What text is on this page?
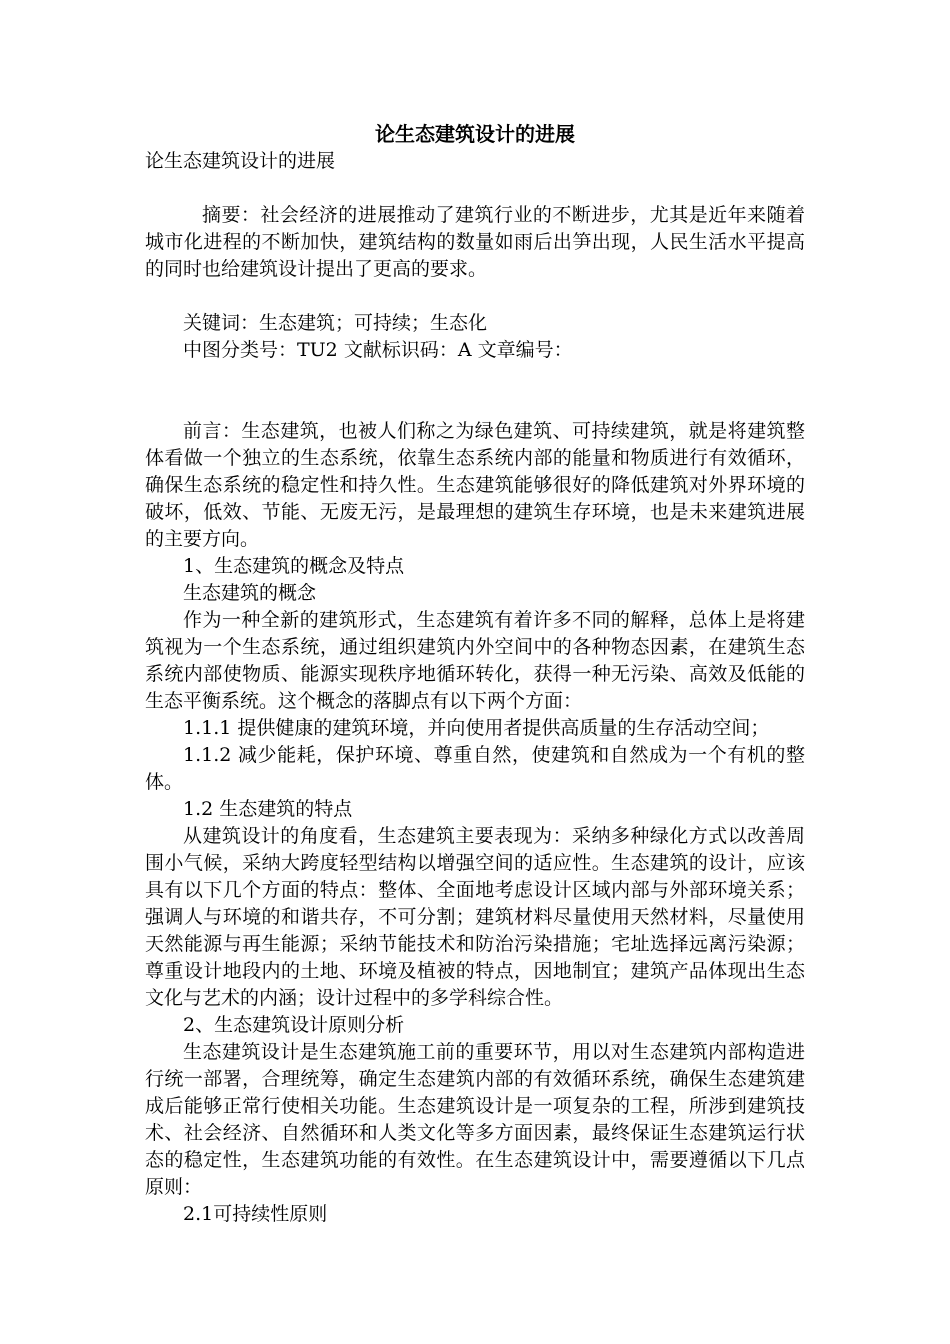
论生态建筑设计的进展

论生态建筑设计的进展

摘要：社会经济的进展推动了建筑行业的不断进步，尤其是近年来随着城市化进程的不断加快，建筑结构的数量如雨后出笋出现，人民生活水平提高的同时也给建筑设计提出了更高的要求。

关键词：生态建筑；可持续；生态化

中图分类号：TU2 文献标识码：A 文章编号：

前言：生态建筑，也被人们称之为绿色建筑、可持续建筑，就是将建筑整体看做一个独立的生态系统，依靠生态系统内部的能量和物质进行有效循环，确保生态系统的稳定性和持久性。生态建筑能够很好的降低建筑对外界环境的破坏，低效、节能、无废无污，是最理想的建筑生存环境，也是未来建筑进展的主要方向。

1、生态建筑的概念及特点

生态建筑的概念

作为一种全新的建筑形式，生态建筑有着许多不同的解释，总体上是将建筑视为一个生态系统，通过组织建筑内外空间中的各种物态因素，在建筑生态系统内部使物质、能源实现秩序地循环转化，获得一种无污染、高效及低能的生态平衡系统。这个概念的落脚点有以下两个方面：

1.1.1 提供健康的建筑环境，并向使用者提供高质量的生存活动空间；

1.1.2 减少能耗，保护环境、尊重自然，使建筑和自然成为一个有机的整体。

1.2 生态建筑的特点

从建筑设计的角度看，生态建筑主要表现为：采纳多种绿化方式以改善周围小气候，采纳大跨度轻型结构以增强空间的适应性。生态建筑的设计，应该具有以下几个方面的特点：整体、全面地考虑设计区域内部与外部环境关系；强调人与环境的和谐共存，不可分割；建筑材料尽量使用天然材料，尽量使用天然能源与再生能源；采纳节能技术和防治污染措施；宅址选择远离污染源；尊重设计地段内的土地、环境及植被的特点，因地制宜；建筑产品体现出生态文化与艺术的内涵；设计过程中的多学科综合性。

2、生态建筑设计原则分析

生态建筑设计是生态建筑施工前的重要环节，用以对生态建筑内部构造进行统一部署，合理统筹，确定生态建筑内部的有效循环系统，确保生态建筑建成后能够正常行使相关功能。生态建筑设计是一项复杂的工程，所涉到建筑技术、社会经济、自然循环和人类文化等多方面因素，最终保证生态建筑运行状态的稳定性，生态建筑功能的有效性。在生态建筑设计中，需要遵循以下几点原则：

2.1可持续性原则
